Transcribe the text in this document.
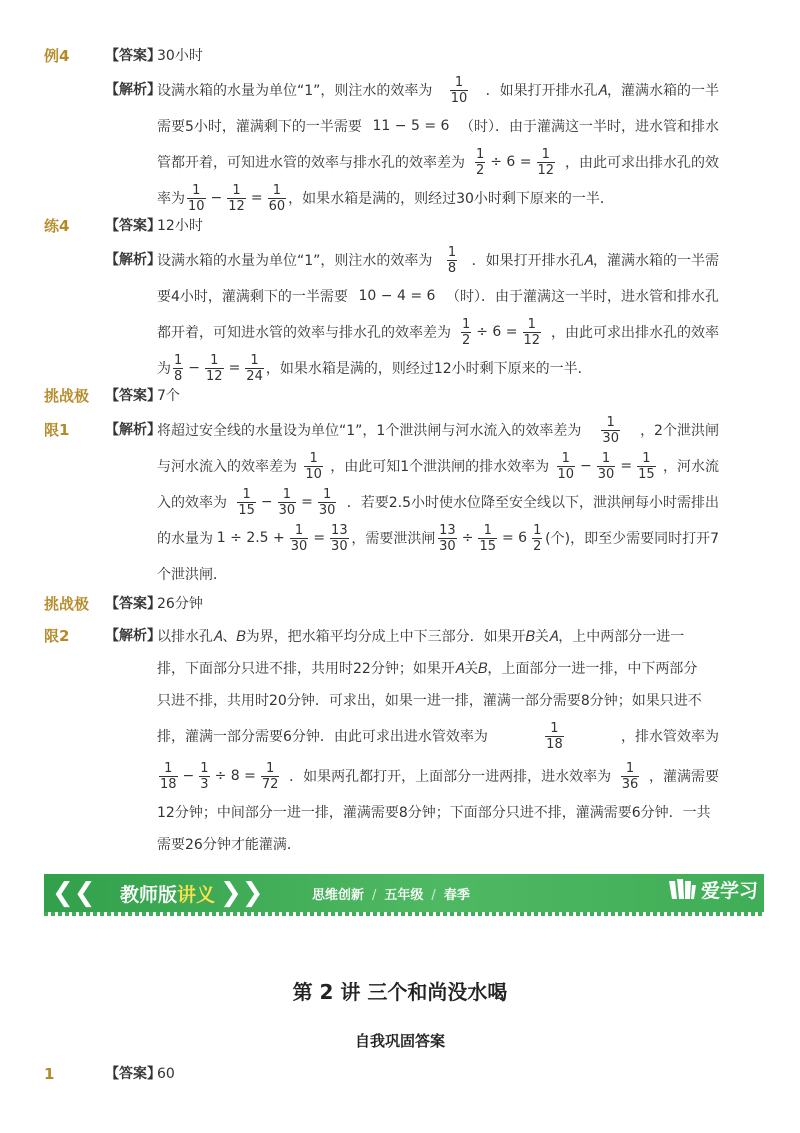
例4	【答案】
30小时
【解析】
设满水箱的水量为单位“1”，则注水的效率为 $\frac{1}{10}$ ．如果打开排水孔𝐴，灌满水箱的一半
需要5小时，灌满剩下的一半需要 11 − 5 = 6 （时）．由于灌满这一半时，进水管和排水
管都开着，可知进水管的效率与排水孔的效率差为 $\frac{1}{2} \div 6 = \frac{1}{12}$ ，由此可求出排水孔的效
率为 $\frac{1}{10} - \frac{1}{12} = \frac{1}{60}$ ，如果水箱是满的，则经过30小时剩下原来的一半．
练4	【答案】
12小时
【解析】
设满水箱的水量为单位“1”，则注水的效率为 $\frac{1}{8}$ ．如果打开排水孔𝐴，灌满水箱的一半需
要4小时，灌满剩下的一半需要 10 − 4 = 6 （时）．由于灌满这一半时，进水管和排水孔
都开着，可知进水管的效率与排水孔的效率差为 $\frac{1}{2} \div 6 = \frac{1}{12}$ ，由此可求出排水孔的效率
为 $\frac{1}{8} - \frac{1}{12} = \frac{1}{24}$ ，如果水箱是满的，则经过12小时剩下原来的一半．
挑战极 【答案】
7个
限1	【解析】
将超过安全线的水量设为单位“1”，1个泄洪闸与河水流入的效率差为 $\frac{1}{30}$ ，2个泄洪闸
与河水流入的效率差为 $\frac{1}{10}$ ，由此可知1个泄洪闸的排水效率为 $\frac{1}{10} - \frac{1}{30} = \frac{1}{15}$ ，河水流
入的效率为 $\frac{1}{15} - \frac{1}{30} = \frac{1}{30}$ ．若要2.5小时使水位降至安全线以下，泄洪闸每小时需排出
的水量为 $1 \div 2.5 + \frac{1}{30} = \frac{13}{30}$ ，需要泄洪闸 $\frac{13}{30} \div \frac{1}{15} = 6 \frac{1}{2}$ (个)，即至少需要同时打开7
个泄洪闸．
挑战极 【答案】
26分钟
限2	【解析】
以排水孔𝐴、𝐵为界，把水箱平均分成上中下三部分．如果开𝐵关𝐴，上中两部分一进一
排，下面部分只进不排，共用时22分钟；如果开𝐴关𝐵，上面部分一进一排，中下两部分
只进不排，共用时20分钟．可求出，如果一进一排，灌满一部分需要8分钟；如果只进不
排，灌满一部分需要6分钟．由此可求出进水管效率为	$\frac{1}{18}$	，排水管效率为
$\frac{1}{18} - \frac{1}{3} \div 8 = \frac{1}{72}$ ．如果两孔都打开，上面部分一进两排，进水效率为 $\frac{1}{36}$ ，灌满需要
12分钟；中间部分一进一排，灌满需要8分钟；下面部分只进不排，灌满需要6分钟．一共
需要26分钟才能灌满．
❮❮ 教师版讲义 ❯❯	思维创新 / 五年级 / 春季	爱学习
第 2 讲 三个和尚没水喝
自我巩固答案
1	【答案】
60
